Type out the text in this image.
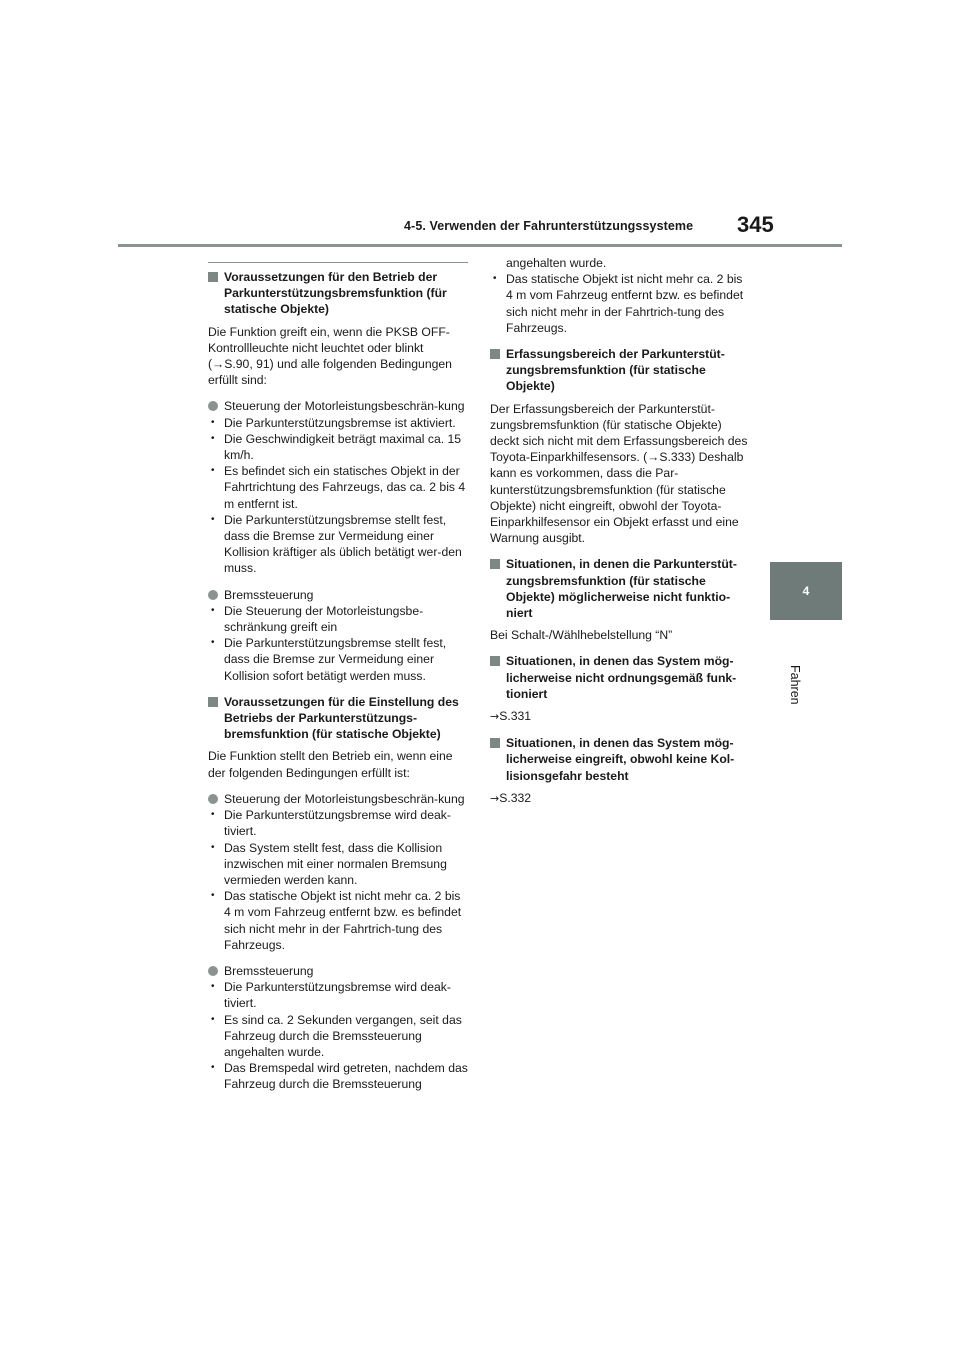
4-5. Verwenden der Fahrunterstützungssysteme 345
4
Fahren
Voraussetzungen für den Betrieb der Parkunterstützungsbremsfunktion (für statische Objekte)

Die Funktion greift ein, wenn die PKSB OFF-Kontrollleuchte nicht leuchtet oder blinkt (→S.90, 91) und alle folgenden Bedingungen erfüllt sind:

Steuerung der Motorleistungsbeschrän-kung
• Die Parkunterstützungsbremse ist aktiviert.
• Die Geschwindigkeit beträgt maximal ca. 15 km/h.
• Es befindet sich ein statisches Objekt in der Fahrtrichtung des Fahrzeugs, das ca. 2 bis 4 m entfernt ist.
• Die Parkunterstützungsbremse stellt fest, dass die Bremse zur Vermeidung einer Kollision kräftiger als üblich betätigt wer-den muss.
Bremssteuerung
• Die Steuerung der Motorleistungsbe-schränkung greift ein
• Die Parkunterstützungsbremse stellt fest, dass die Bremse zur Vermeidung einer Kollision sofort betätigt werden muss.
Voraussetzungen für die Einstellung des Betriebs der Parkunterstützungs-bremsfunktion (für statische Objekte)

Die Funktion stellt den Betrieb ein, wenn eine der folgenden Bedingungen erfüllt ist:

Steuerung der Motorleistungsbeschrän-kung
• Die Parkunterstützungsbremse wird deak-tiviert.
• Das System stellt fest, dass die Kollision inzwischen mit einer normalen Bremsung vermieden werden kann.
• Das statische Objekt ist nicht mehr ca. 2 bis 4 m vom Fahrzeug entfernt bzw. es befindet sich nicht mehr in der Fahrtrich-tung des Fahrzeugs.
Bremssteuerung
• Die Parkunterstützungsbremse wird deak-tiviert.
• Es sind ca. 2 Sekunden vergangen, seit das Fahrzeug durch die Bremssteuerung angehalten wurde.
• Das Bremspedal wird getreten, nachdem das Fahrzeug durch die Bremssteuerung

angehalten wurde.

• Das statische Objekt ist nicht mehr ca. 2 bis 4 m vom Fahrzeug entfernt bzw. es befindet sich nicht mehr in der Fahrtrich-tung des Fahrzeugs.
Erfassungsbereich der Parkunterstüt-zungsbremsfunktion (für statische Objekte)

Der Erfassungsbereich der Parkunterstüt-zungsbremsfunktion (für statische Objekte) deckt sich nicht mit dem Erfassungsbereich des Toyota-Einparkhilfesensors. (→S.333) Deshalb kann es vorkommen, dass die Par-kunterstützungsbremsfunktion (für statische Objekte) nicht eingreift, obwohl der Toyota-Einparkhilfesensor ein Objekt erfasst und eine Warnung ausgibt.

Situationen, in denen die Parkunterstüt-zungsbremsfunktion (für statische Objekte) möglicherweise nicht funktio-niert

Bei Schalt-/Wählhebelstellung “N”

Situationen, in denen das System mög-licherweise nicht ordnungsgemäß funk-tioniert

→S.331

Situationen, in denen das System mög-licherweise eingreift, obwohl keine Kol-lisionsgefahr besteht

→S.332
